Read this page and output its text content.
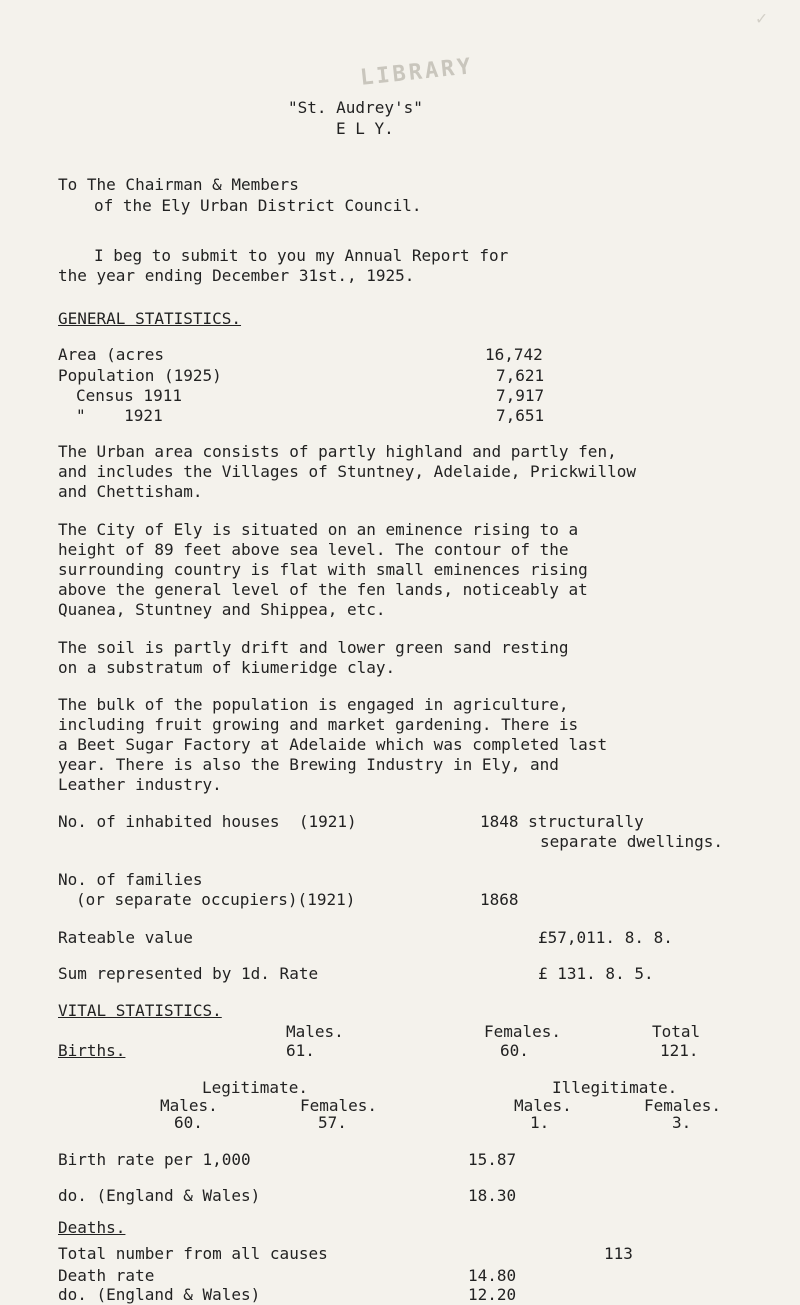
LIBRARY
✓
"St. Audrey's"
E L Y.
To The Chairman & Members
of the Ely Urban District Council.
I beg to submit to you my Annual Report for
the year ending December 31st., 1925.
GENERAL STATISTICS.
Area (acres	16,742
Population (1925)	7,621
Census 1911	7,917
"    1921	7,651
The Urban area consists of partly highland and partly fen,
and includes the Villages of Stuntney, Adelaide, Prickwillow
and Chettisham.
The City of Ely is situated on an eminence rising to a
height of 89 feet above sea level. The contour of the
surrounding country is flat with small eminences rising
above the general level of the fen lands, noticeably at
Quanea, Stuntney and Shippea, etc.
The soil is partly drift and lower green sand resting
on a substratum of kiumeridge clay.
The bulk of the population is engaged in agriculture,
including fruit growing and market gardening. There is
a Beet Sugar Factory at Adelaide which was completed last
year. There is also the Brewing Industry in Ely, and
Leather industry.
No. of inhabited houses  (1921)	1848 structurally
separate dwellings.
No. of families
(or separate occupiers)(1921)	1868
Rateable value	£57,011. 8. 8.
Sum represented by 1d. Rate	£ 131. 8. 5.
VITAL STATISTICS.
Males.	Females.	Total
Births.	61.	60.	121.
Legitimate.	Illegitimate.
Males.	Females.	Males.	Females.
60.	57.	1.	3.
Birth rate per 1,000	15.87
do. (England & Wales)	18.30
Deaths.
Total number from all causes	113
Death rate	14.80
do. (England & Wales)	12.20
